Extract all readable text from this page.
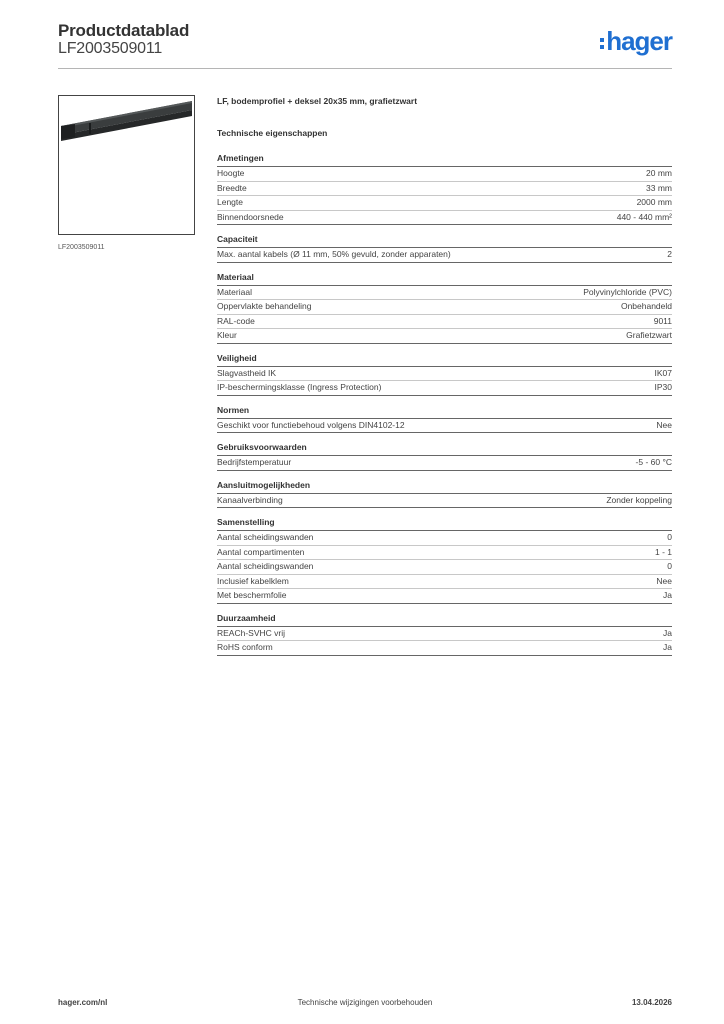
Productdatablad
LF2003509011	hager
LF2003509011
LF, bodemprofiel + deksel 20x35 mm, grafietzwart
Technische eigenschappen
Afmetingen
Hoogte	20 mm
Breedte	33 mm
Lengte	2000 mm
Binnendoorsnede	440 - 440 mm²
Capaciteit
Max. aantal kabels (Ø 11 mm, 50% gevuld, zonder apparaten)	2
Materiaal
Materiaal	Polyvinylchloride (PVC)
Oppervlakte behandeling	Onbehandeld
RAL-code	9011
Kleur	Grafietzwart
Veiligheid
Slagvastheid IK	IK07
IP-beschermingsklasse (Ingress Protection)	IP30
Normen
Geschikt voor functiebehoud volgens DIN4102-12	Nee
Gebruiksvoorwaarden
Bedrijfstemperatuur	-5 - 60 °C
Aansluitmogelijkheden
Kanaalverbinding	Zonder koppeling
Samenstelling
Aantal scheidingswanden	0
Aantal compartimenten	1 - 1
Aantal scheidingswanden	0
Inclusief kabelklem	Nee
Met beschermfolie	Ja
Duurzaamheid
REACh-SVHC vrij	Ja
RoHS conform	Ja
hager.com/nl	Technische wijzigingen voorbehouden	13.04.2026
